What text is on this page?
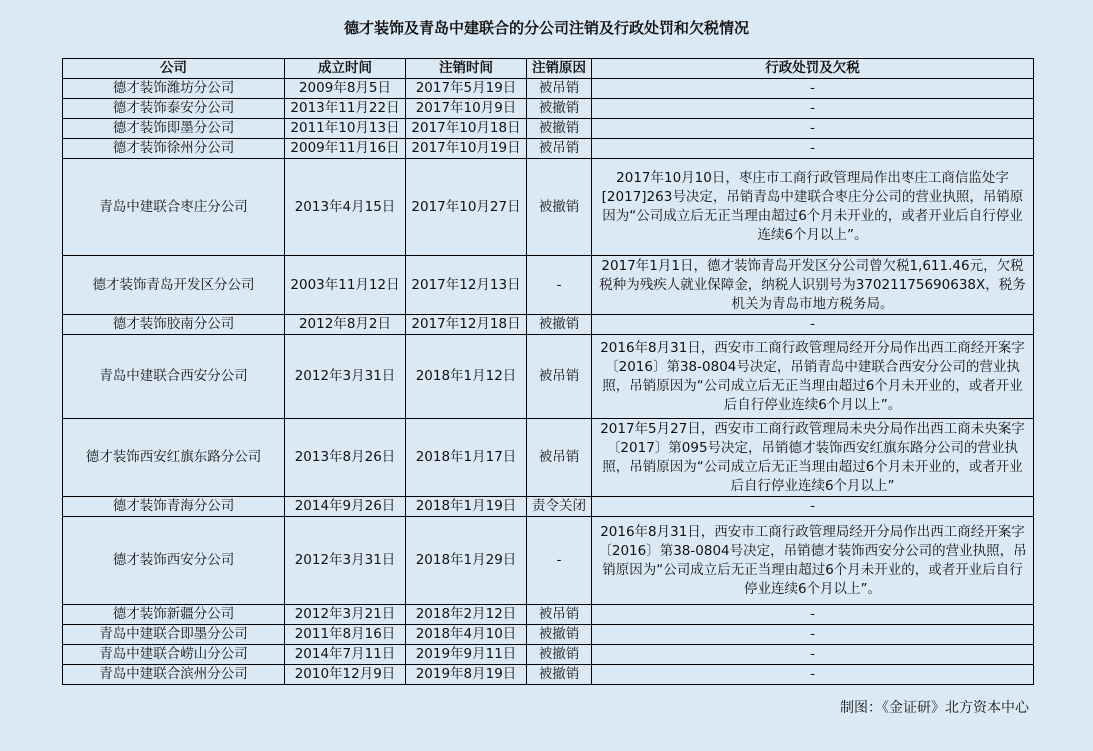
德才装饰及青岛中建联合的分公司注销及行政处罚和欠税情况
公司	成立时间	注销时间	注销原因	行政处罚及欠税
德才装饰潍坊分公司	2009年8月5日	2017年5月19日	被吊销	-
德才装饰泰安分公司	2013年11月22日	2017年10月9日	被撤销	-
德才装饰即墨分公司	2011年10月13日	2017年10月18日	被撤销	-
德才装饰徐州分公司	2009年11月16日	2017年10月19日	被吊销	-
青岛中建联合枣庄分公司	2013年4月15日	2017年10月27日	被撤销	2017年10月10日，枣庄市工商行政管理局作出枣庄工商信监处字[2017]263号决定，吊销青岛中建联合枣庄分公司的营业执照，吊销原因为“公司成立后无正当理由超过6个月未开业的，或者开业后自行停业连续6个月以上”。
德才装饰青岛开发区分公司	2003年11月12日	2017年12月13日	-	2017年1月1日，德才装饰青岛开发区分公司曾欠税1,611.46元，欠税税种为残疾人就业保障金，纳税人识别号为37021175690638X，税务机关为青岛市地方税务局。
德才装饰胶南分公司	2012年8月2日	2017年12月18日	被撤销	-
青岛中建联合西安分公司	2012年3月31日	2018年1月12日	被吊销	2016年8月31日，西安市工商行政管理局经开分局作出西工商经开案字〔2016〕第38-0804号决定，吊销青岛中建联合西安分公司的营业执照，吊销原因为“公司成立后无正当理由超过6个月未开业的，或者开业后自行停业连续6个月以上”。
德才装饰西安红旗东路分公司	2013年8月26日	2018年1月17日	被吊销	2017年5月27日，西安市工商行政管理局未央分局作出西工商未央案字〔2017〕第095号决定，吊销德才装饰西安红旗东路分公司的营业执照，吊销原因为“公司成立后无正当理由超过6个月未开业的，或者开业后自行停业连续6个月以上”
德才装饰青海分公司	2014年9月26日	2018年1月19日	责令关闭	-
德才装饰西安分公司	2012年3月31日	2018年1月29日	-	2016年8月31日，西安市工商行政管理局经开分局作出西工商经开案字〔2016〕第38-0804号决定，吊销德才装饰西安分公司的营业执照，吊销原因为“公司成立后无正当理由超过6个月未开业的，或者开业后自行停业连续6个月以上”。
德才装饰新疆分公司	2012年3月21日	2018年2月12日	被吊销	-
青岛中建联合即墨分公司	2011年8月16日	2018年4月10日	被撤销	-
青岛中建联合崂山分公司	2014年7月11日	2019年9月11日	被撤销	-
青岛中建联合滨州分公司	2010年12月9日	2019年8月19日	被撤销	-
制图：《金证研》北方资本中心
